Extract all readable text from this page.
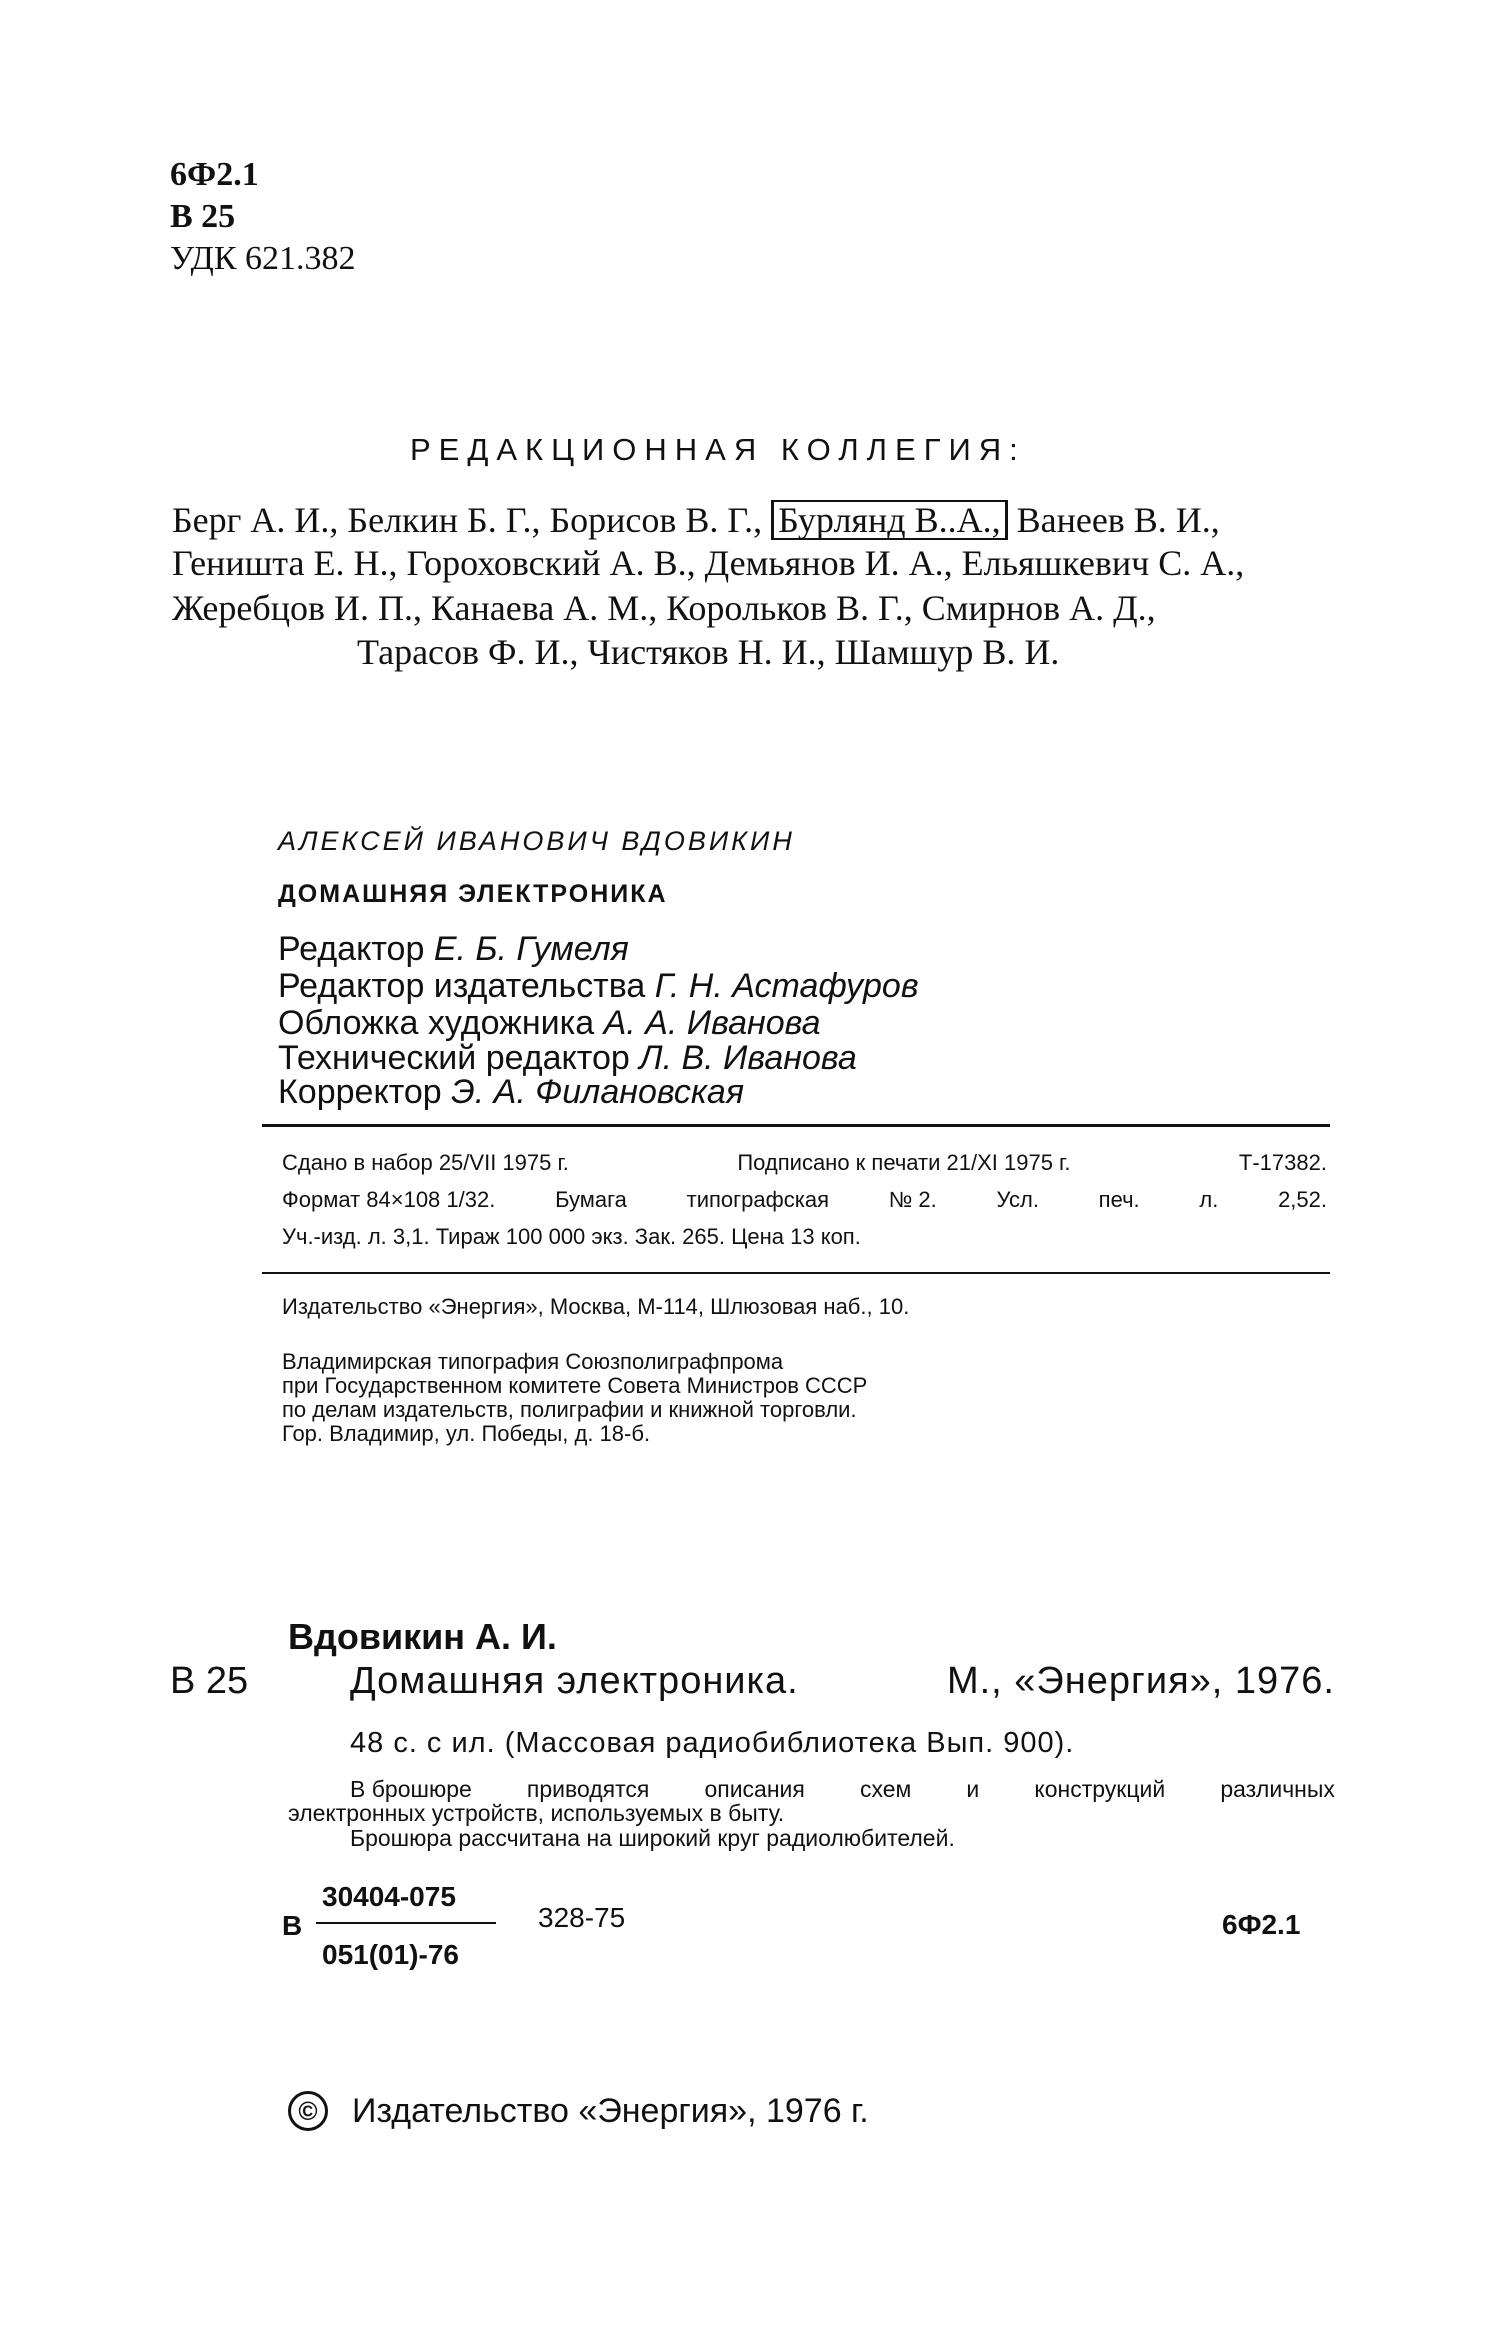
6Ф2.1
В 25
УДК 621.382
РЕДАКЦИОННАЯ КОЛЛЕГИЯ:
Берг А. И., Белкин Б. Г., Борисов В. Г., Бурлянд В..А., Ванеев В. И.,
Геништа Е. Н., Гороховский А. В., Демьянов И. А., Ельяшкевич С. А.,
Жеребцов И. П., Канаева А. М., Корольков В. Г., Смирнов А. Д.,
Тарасов Ф. И., Чистяков Н. И., Шамшур В. И.
АЛЕКСЕЙ ИВАНОВИЧ ВДОВИКИН
ДОМАШНЯЯ ЭЛЕКТРОНИКА
Редактор Е. Б. Гумеля
Редактор издательства Г. Н. Астафуров
Обложка художника А. А. Иванова
Технический редактор Л. В. Иванова
Корректор Э. А. Филановская
Сдано в набор 25/VII 1975 г.	Подписано к печати 21/XI 1975 г.	Т-17382.
Формат 84×108 1/32.	Бумага	типографская	№ 2.	Усл.	печ.	л.	2,52.
Уч.-изд. л. 3,1. Тираж 100 000 экз. Зак. 265. Цена 13 коп.
Издательство «Энергия», Москва, М-114, Шлюзовая наб., 10.
Владимирская типография Союзполиграфпрома
при Государственном комитете Совета Министров СССР
по делам издательств, полиграфии и книжной торговли.
Гор. Владимир, ул. Победы, д. 18-б.
Вдовикин А. И.
В 25	Домашняя электроника.	М., «Энергия», 1976.
48 с. с ил. (Массовая радиобиблиотека Вып. 900).
В брошюре приводятся описания схем и конструкций различных
электронных устройств, используемых в быту.
Брошюра рассчитана на широкий круг радиолюбителей.
В
30404-075
051(01)-76
328-75	6Ф2.1
©	Издательство «Энергия», 1976 г.
